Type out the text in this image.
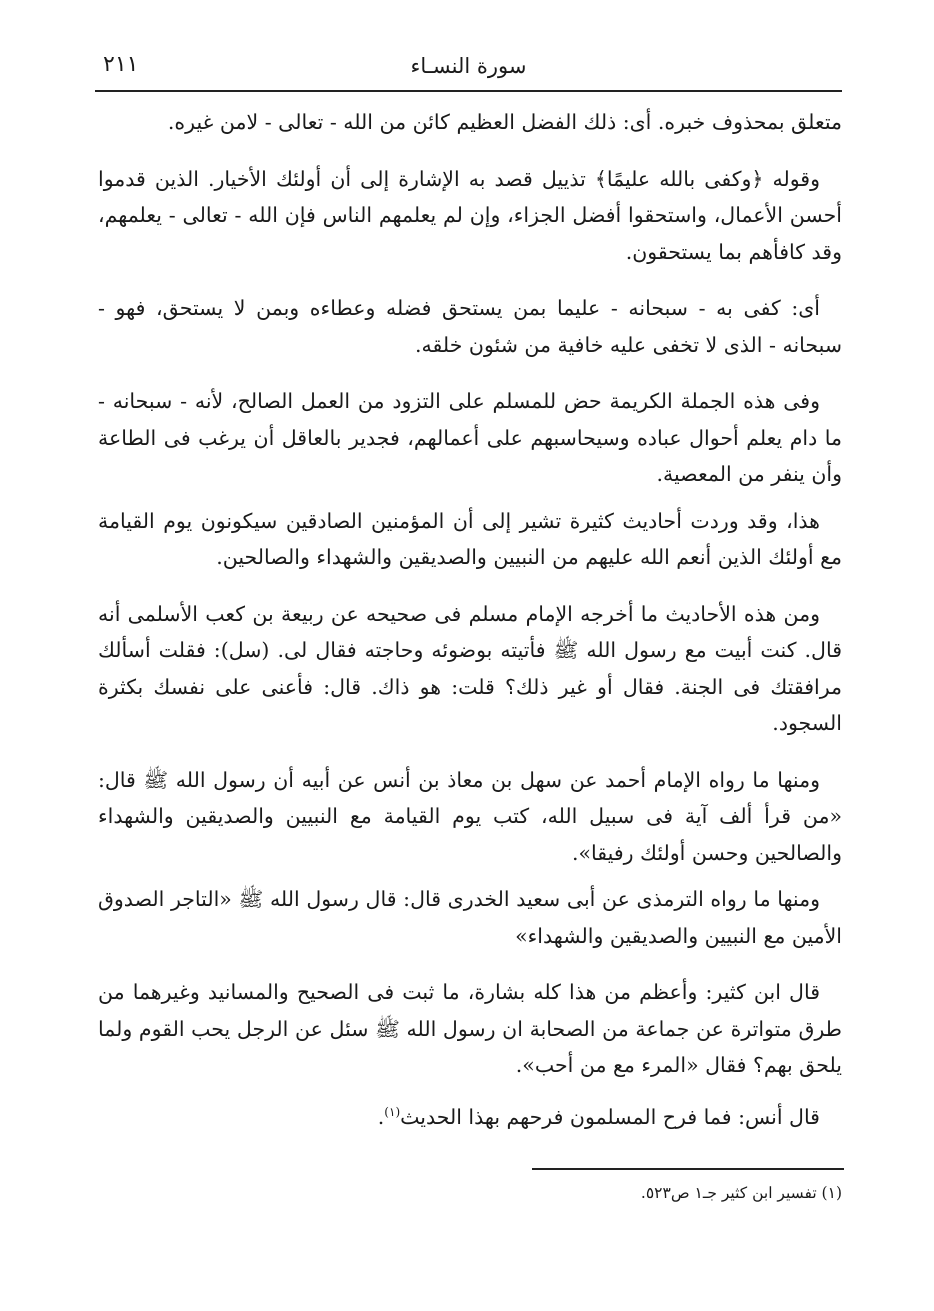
٢١١	سورة النسـاء

متعلق بمحذوف خبره. أى: ذلك الفضل العظيم كائن من الله - تعالى - لامن غيره.

وقوله ﴿وكفى بالله عليمًا﴾ تذييل قصد به الإشارة إلى أن أولئك الأخيار. الذين قدموا أحسن الأعمال، واستحقوا أفضل الجزاء، وإن لم يعلمهم الناس فإن الله - تعالى - يعلمهم، وقد كافأهم بما يستحقون.

أى: كفى به - سبحانه - عليما بمن يستحق فضله وعطاءه وبمن لا يستحق، فهو - سبحانه - الذى لا تخفى عليه خافية من شئون خلقه.

وفى هذه الجملة الكريمة حض للمسلم على التزود من العمل الصالح، لأنه - سبحانه - ما دام يعلم أحوال عباده وسيحاسبهم على أعمالهم، فجدير بالعاقل أن يرغب فى الطاعة وأن ينفر من المعصية.

هذا، وقد وردت أحاديث كثيرة تشير إلى أن المؤمنين الصادقين سيكونون يوم القيامة مع أولئك الذين أنعم الله عليهم من النبيين والصديقين والشهداء والصالحين.

ومن هذه الأحاديث ما أخرجه الإمام مسلم فى صحيحه عن ربيعة بن كعب الأسلمى أنه قال. كنت أبيت مع رسول الله ﷺ فأتيته بوضوئه وحاجته فقال لى. (سل): فقلت أسألك مرافقتك فى الجنة. فقال أو غير ذلك؟ قلت: هو ذاك. قال: فأعنى على نفسك بكثرة السجود.

ومنها ما رواه الإمام أحمد عن سهل بن معاذ بن أنس عن أبيه أن رسول الله ﷺ قال: «من قرأ ألف آية فى سبيل الله، كتب يوم القيامة مع النبيين والصديقين والشهداء والصالحين وحسن أولئك رفيقا».

ومنها ما رواه الترمذى عن أبى سعيد الخدرى قال: قال رسول الله ﷺ «التاجر الصدوق الأمين مع النبيين والصديقين والشهداء»

قال ابن كثير: وأعظم من هذا كله بشارة، ما ثبت فى الصحيح والمسانيد وغيرهما من طرق متواترة عن جماعة من الصحابة ان رسول الله ﷺ سئل عن الرجل يحب القوم ولما يلحق بهم؟ فقال «المرء مع من أحب».

قال أنس: فما فرح المسلمون فرحهم بهذا الحديث$^{(١)}$.

(١) تفسير ابن كثير جـ١ ص٥٢٣.
